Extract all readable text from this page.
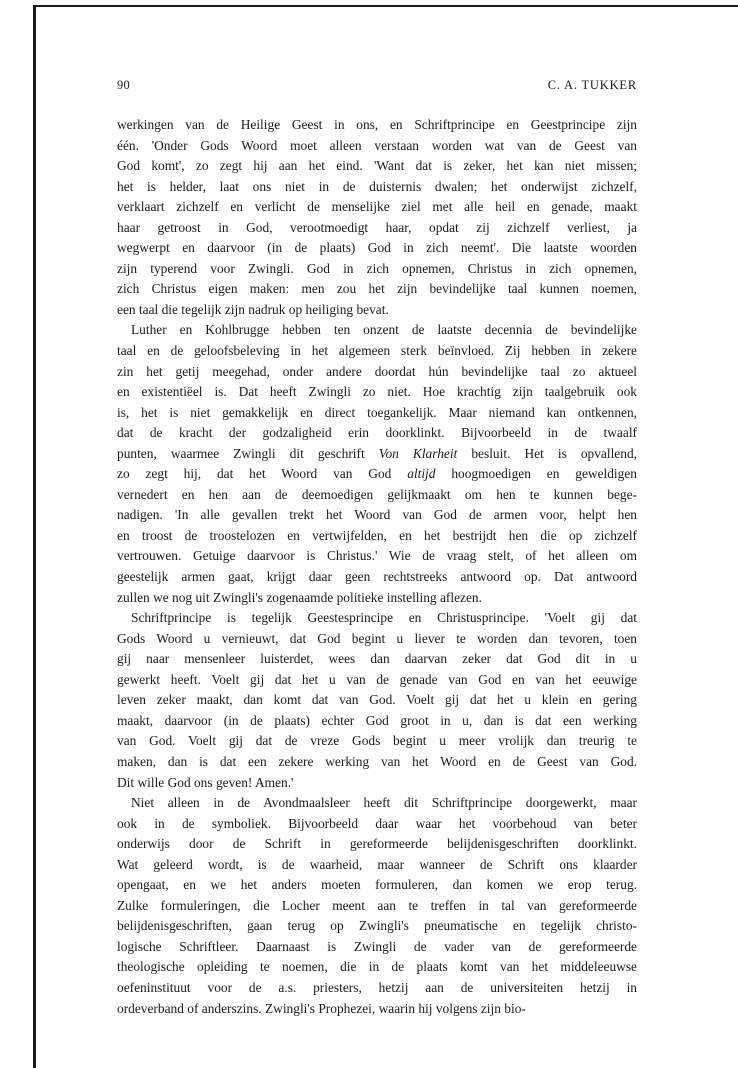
90	C. A. TUKKER
werkingen van de Heilige Geest in ons, en Schriftprincipe en Geestprincipe zijn
één. 'Onder Gods Woord moet alleen verstaan worden wat van de Geest van
God komt', zo zegt hij aan het eind. 'Want dat is zeker, het kan niet missen;
het is helder, laat ons niet in de duisternis dwalen; het onderwijst zichzelf,
verklaart zichzelf en verlicht de menselijke ziel met alle heil en genade, maakt
haar getroost in God, verootmoedigt haar, opdat zij zichzelf verliest, ja
wegwerpt en daarvoor (in de plaats) God in zich neemt'. Die laatste woorden
zijn typerend voor Zwingli. God in zich opnemen, Christus in zich opnemen,
zich Christus eigen maken: men zou het zijn bevindelijke taal kunnen noemen,
een taal die tegelijk zijn nadruk op heiliging bevat.
Luther en Kohlbrugge hebben ten onzent de laatste decennia de bevindelijke
taal en de geloofsbeleving in het algemeen sterk beïnvloed. Zij hebben in zekere
zin het getij meegehad, onder andere doordat hún bevindelijke taal zo aktueel
en existentiëel is. Dat heeft Zwingli zo niet. Hoe krachtig zijn taalgebruik ook
is, het is niet gemakkelijk en direct toegankelijk. Maar niemand kan ontkennen,
dat de kracht der godzaligheid erin doorklinkt. Bijvoorbeeld in de twaalf
punten, waarmee Zwingli dit geschrift Von Klarheit besluit. Het is opvallend,
zo zegt hij, dat het Woord van God altijd hoogmoedigen en geweldigen
vernedert en hen aan de deemoedigen gelijkmaakt om hen te kunnen bege-
nadigen. 'In alle gevallen trekt het Woord van God de armen voor, helpt hen
en troost de troostelozen en vertwijfelden, en het bestrijdt hen die op zichzelf
vertrouwen. Getuige daarvoor is Christus.' Wie de vraag stelt, of het alleen om
geestelijk armen gaat, krijgt daar geen rechtstreeks antwoord op. Dat antwoord
zullen we nog uit Zwingli's zogenaamde politieke instelling aflezen.
Schriftprincipe is tegelijk Geestesprincipe en Christusprincipe. 'Voelt gij dat
Gods Woord u vernieuwt, dat God begint u liever te worden dan tevoren, toen
gij naar mensenleer luisterdet, wees dan daarvan zeker dat God dit in u
gewerkt heeft. Voelt gij dat het u van de genade van God en van het eeuwige
leven zeker maakt, dan komt dat van God. Voelt gij dat het u klein en gering
maakt, daarvoor (in de plaats) echter God groot in u, dan is dat een werking
van God. Voelt gij dat de vreze Gods begint u meer vrolijk dan treurig te
maken, dan is dat een zekere werking van het Woord en de Geest van God.
Dit wille God ons geven! Amen.'
Niet alleen in de Avondmaalsleer heeft dit Schriftprincipe doorgewerkt, maar
ook in de symboliek. Bijvoorbeeld daar waar het voorbehoud van beter
onderwijs door de Schrift in gereformeerde belijdenisgeschriften doorklinkt.
Wat geleerd wordt, is de waarheid, maar wanneer de Schrift ons klaarder
opengaat, en we het anders moeten formuleren, dan komen we erop terug.
Zulke formuleringen, die Locher meent aan te treffen in tal van gereformeerde
belijdenisgeschriften, gaan terug op Zwingli's pneumatische en tegelijk christo-
logische Schriftleer. Daarnaast is Zwingli de vader van de gereformeerde
theologische opleiding te noemen, die in de plaats komt van het middeleeuwse
oefeninstituut voor de a.s. priesters, hetzij aan de universiteiten hetzij in
ordeverband of anderszins. Zwingli's Prophezei, waarin hij volgens zijn bio-
